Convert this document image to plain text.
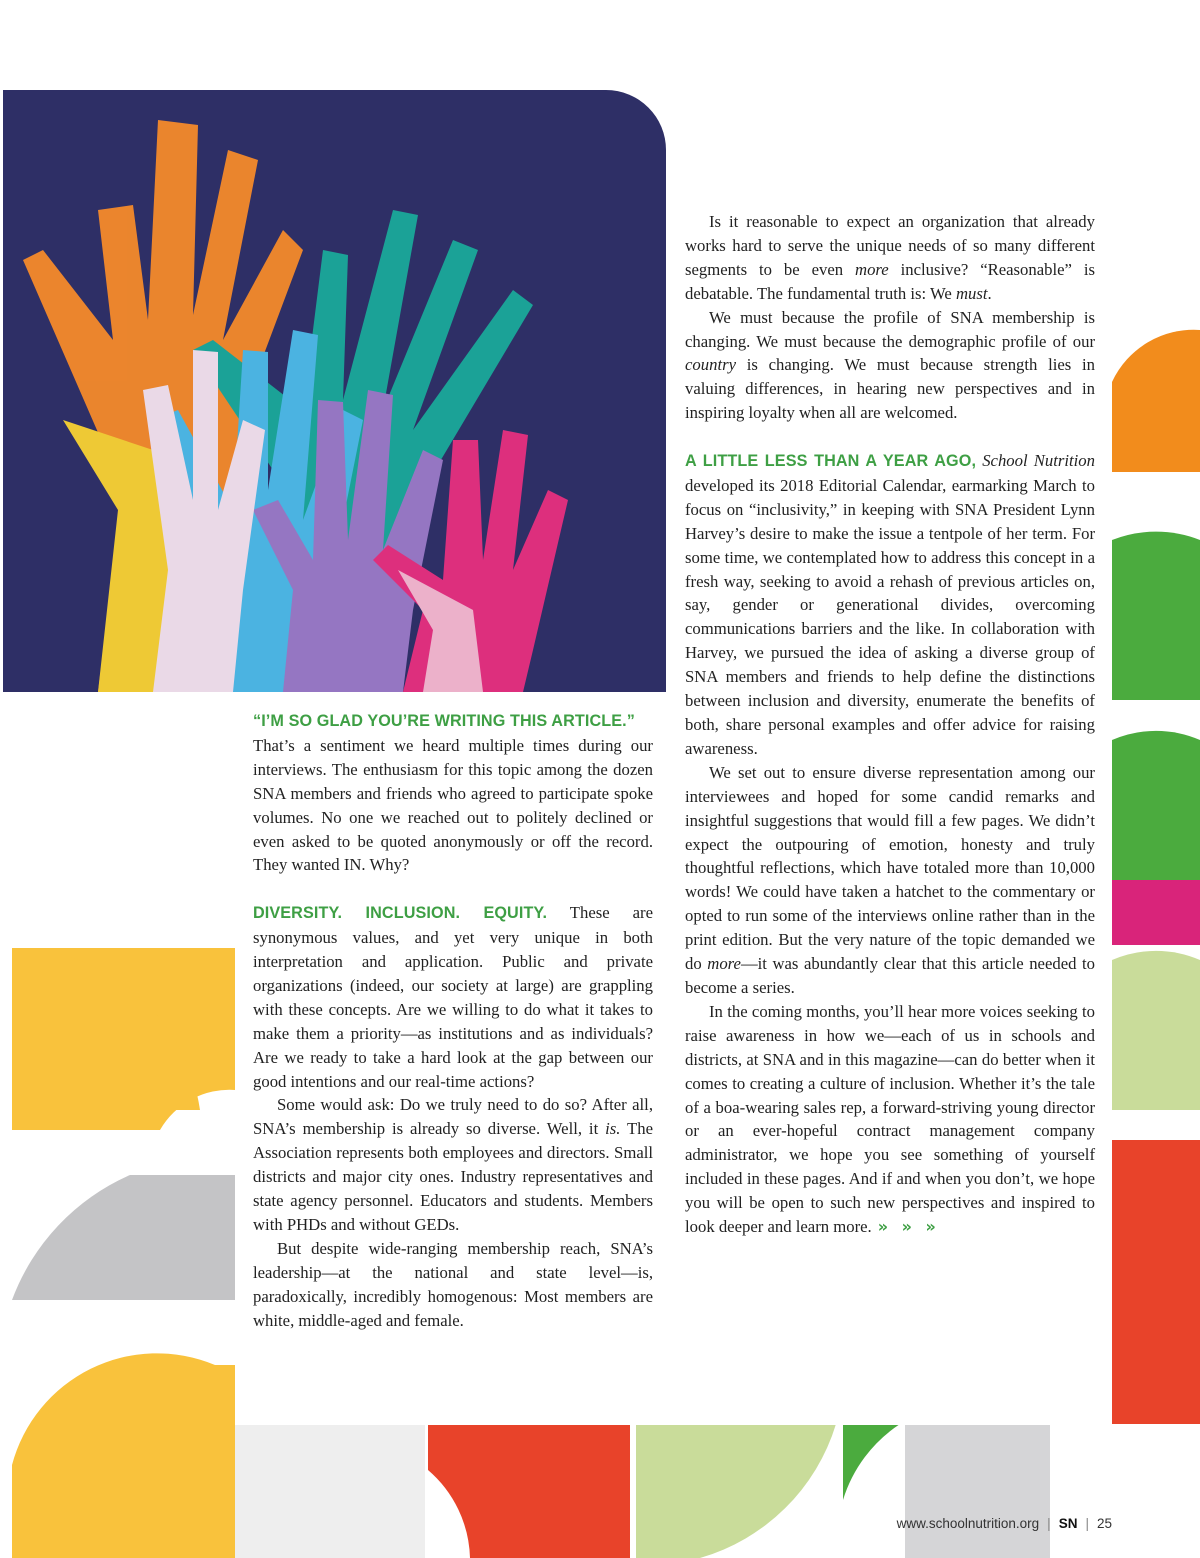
“I’M SO GLAD YOU’RE WRITING THIS ARTICLE.”
That’s a sentiment we heard multiple times during our interviews. The enthusiasm for this topic among the dozen SNA members and friends who agreed to participate spoke volumes. No one we reached out to politely declined or even asked to be quoted anonymously or off the record. They wanted IN. Why?

DIVERSITY. INCLUSION. EQUITY. These are synonymous values, and yet very unique in both interpretation and application. Public and private organizations (indeed, our society at large) are grappling with these concepts. Are we willing to do what it takes to make them a priority—as institutions and as individuals? Are we ready to take a hard look at the gap between our good intentions and our real-time actions?

Some would ask: Do we truly need to do so? After all, SNA’s membership is already so diverse. Well, it is. The Association represents both employees and directors. Small districts and major city ones. Industry representatives and state agency personnel. Educators and students. Members with PHDs and without GEDs.

But despite wide-ranging membership reach, SNA’s leadership—at the national and state level—is, paradoxically, incredibly homogenous: Most members are white, middle-aged and female.

Is it reasonable to expect an organization that already works hard to serve the unique needs of so many different segments to be even more inclusive? “Reasonable” is debatable. The fundamental truth is: We must.

We must because the profile of SNA membership is changing. We must because the demographic profile of our country is changing. We must because strength lies in valuing differences, in hearing new perspectives and in inspiring loyalty when all are welcomed.

A LITTLE LESS THAN A YEAR AGO, School Nutrition developed its 2018 Editorial Calendar, earmarking March to focus on “inclusivity,” in keeping with SNA President Lynn Harvey’s desire to make the issue a tentpole of her term. For some time, we contemplated how to address this concept in a fresh way, seeking to avoid a rehash of previous articles on, say, gender or generational divides, overcoming communications barriers and the like. In collaboration with Harvey, we pursued the idea of asking a diverse group of SNA members and friends to help define the distinctions between inclusion and diversity, enumerate the benefits of both, share personal examples and offer advice for raising awareness.

We set out to ensure diverse representation among our interviewees and hoped for some candid remarks and insightful suggestions that would fill a few pages. We didn’t expect the outpouring of emotion, honesty and truly thoughtful reflections, which have totaled more than 10,000 words! We could have taken a hatchet to the commentary or opted to run some of the interviews online rather than in the print edition. But the very nature of the topic demanded we do more—it was abundantly clear that this article needed to become a series.

In the coming months, you’ll hear more voices seeking to raise awareness in how we—each of us in schools and districts, at SNA and in this magazine—can do better when it comes to creating a culture of inclusion. Whether it’s the tale of a boa-wearing sales rep, a forward-striving young director or an ever-hopeful contract management company administrator, we hope you see something of yourself included in these pages. And if and when you don’t, we hope you will be open to such new perspectives and inspired to look deeper and learn more. » » »

www.schoolnutrition.org | SN | 25
